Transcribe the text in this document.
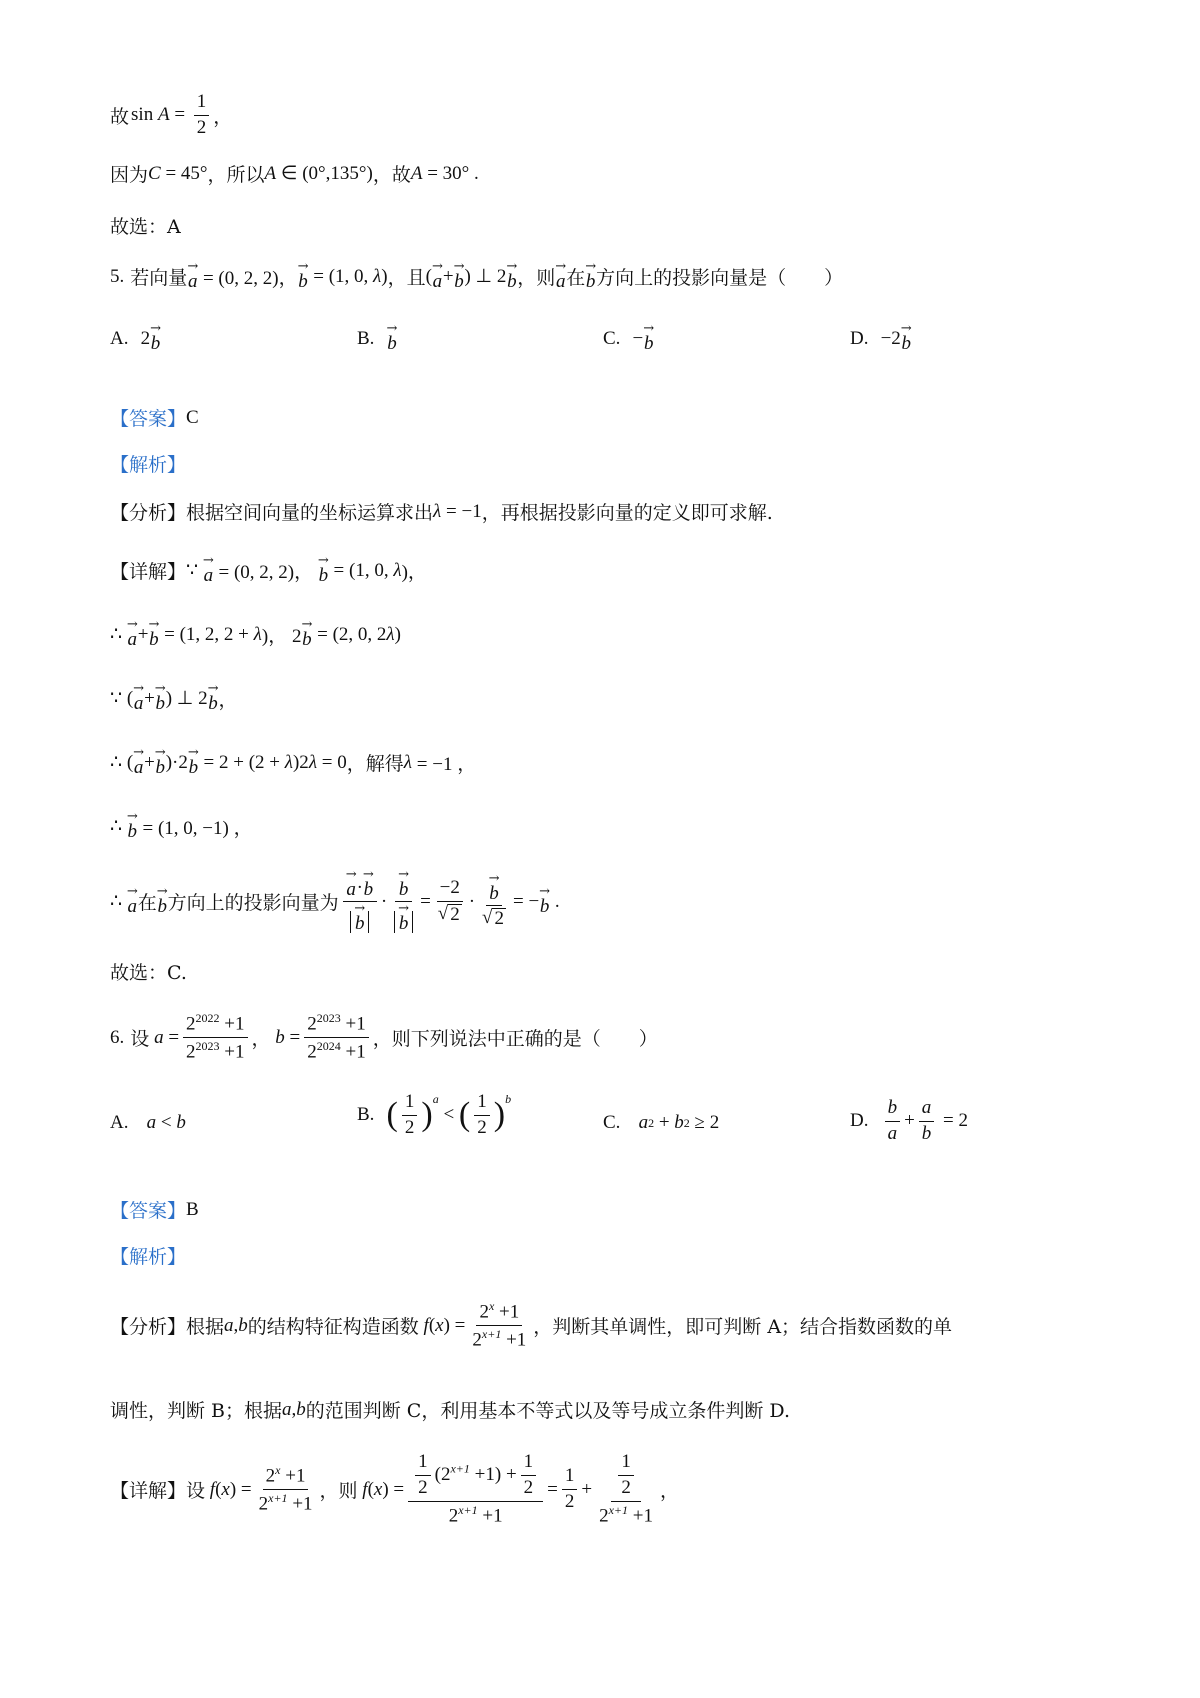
故 $\sin A = \frac{1}{2}$ ，
因为 C = 45° ，所以 A ∈ (0°,135°) ，故 A = 30° .
故选：A
5.
若向量
→
a = (0, 2, 2)，
→
b = (1, 0, λ ) ，且 ( →
a + →
b ) ⊥ 2 →
b ，则
→
a 在
→
b 方向上的投影向量是（　　）
A.
2 →
b	B.
→
b	C.
− →
b	D.
−2 →
b
【答案】 C
【解析】
【分析】 根据空间向量的坐标运算求出 λ = −1 ，再根据投影向量的定义即可求解.
【详解】 ∵ →
a = (0, 2, 2)，
→
b = (1, 0, λ )，
∴ →
a + →
b = (1, 2, 2 + λ )， 2
→
b = (2, 0, 2 λ )
∵ ( →
a + →
b ) ⊥ 2 →
b ，
∴ ( →
a + →
b )·2 →
b = 2 + (2 + λ )2 λ = 0 ，解得 λ = −1 ，
∴ →
b = (1, 0, −1) ，
∴ →
a 在
→
b 方向上的投影向量为 →
a ·
→
b
→
b · →
b
→
$b = \frac{-2}{√ 2}$ · →
b
√ 2 = − →
b .
故选：C.
6.
设 $a = \frac{2^{2022} +1}{2^{2023} +1}$ ， $b = \frac{2^{2023} +1}{2^{2024} +1}$ ，则下列说法中正确的是（　　）
A.
a < b	B.
( $\frac{1}{2} )^a$
< ( $\frac{1}{2} )^b$
C.
a 2 + b 2 ≥ 2	D.
$\frac{b}{a} + \frac{a}{b} = 2$
【答案】 B
【解析】
【分析】 根据 a , b 的结构特征构造函数 f ( x ) = $\frac{2^x +1}{2^{x+1} +1}$ ，判断其单调性，即可判断 A；结合指数函数的单
调性，判断 B；根据 a , b 的范围判断 C，利用基本不等式以及等号成立条件判断 D.
【详解】 设 f ( x ) = $\frac{2^x +1}{2^{x+1} +1}$ ，则 f ( x ) = $\frac{\frac{1}{2} (2^{x+1} +1) + \frac{1}{2}}{2^{x+1} +1} = \frac{1}{2} + \frac{\frac{1}{2}}{2^{x+1} +1}$ ，
